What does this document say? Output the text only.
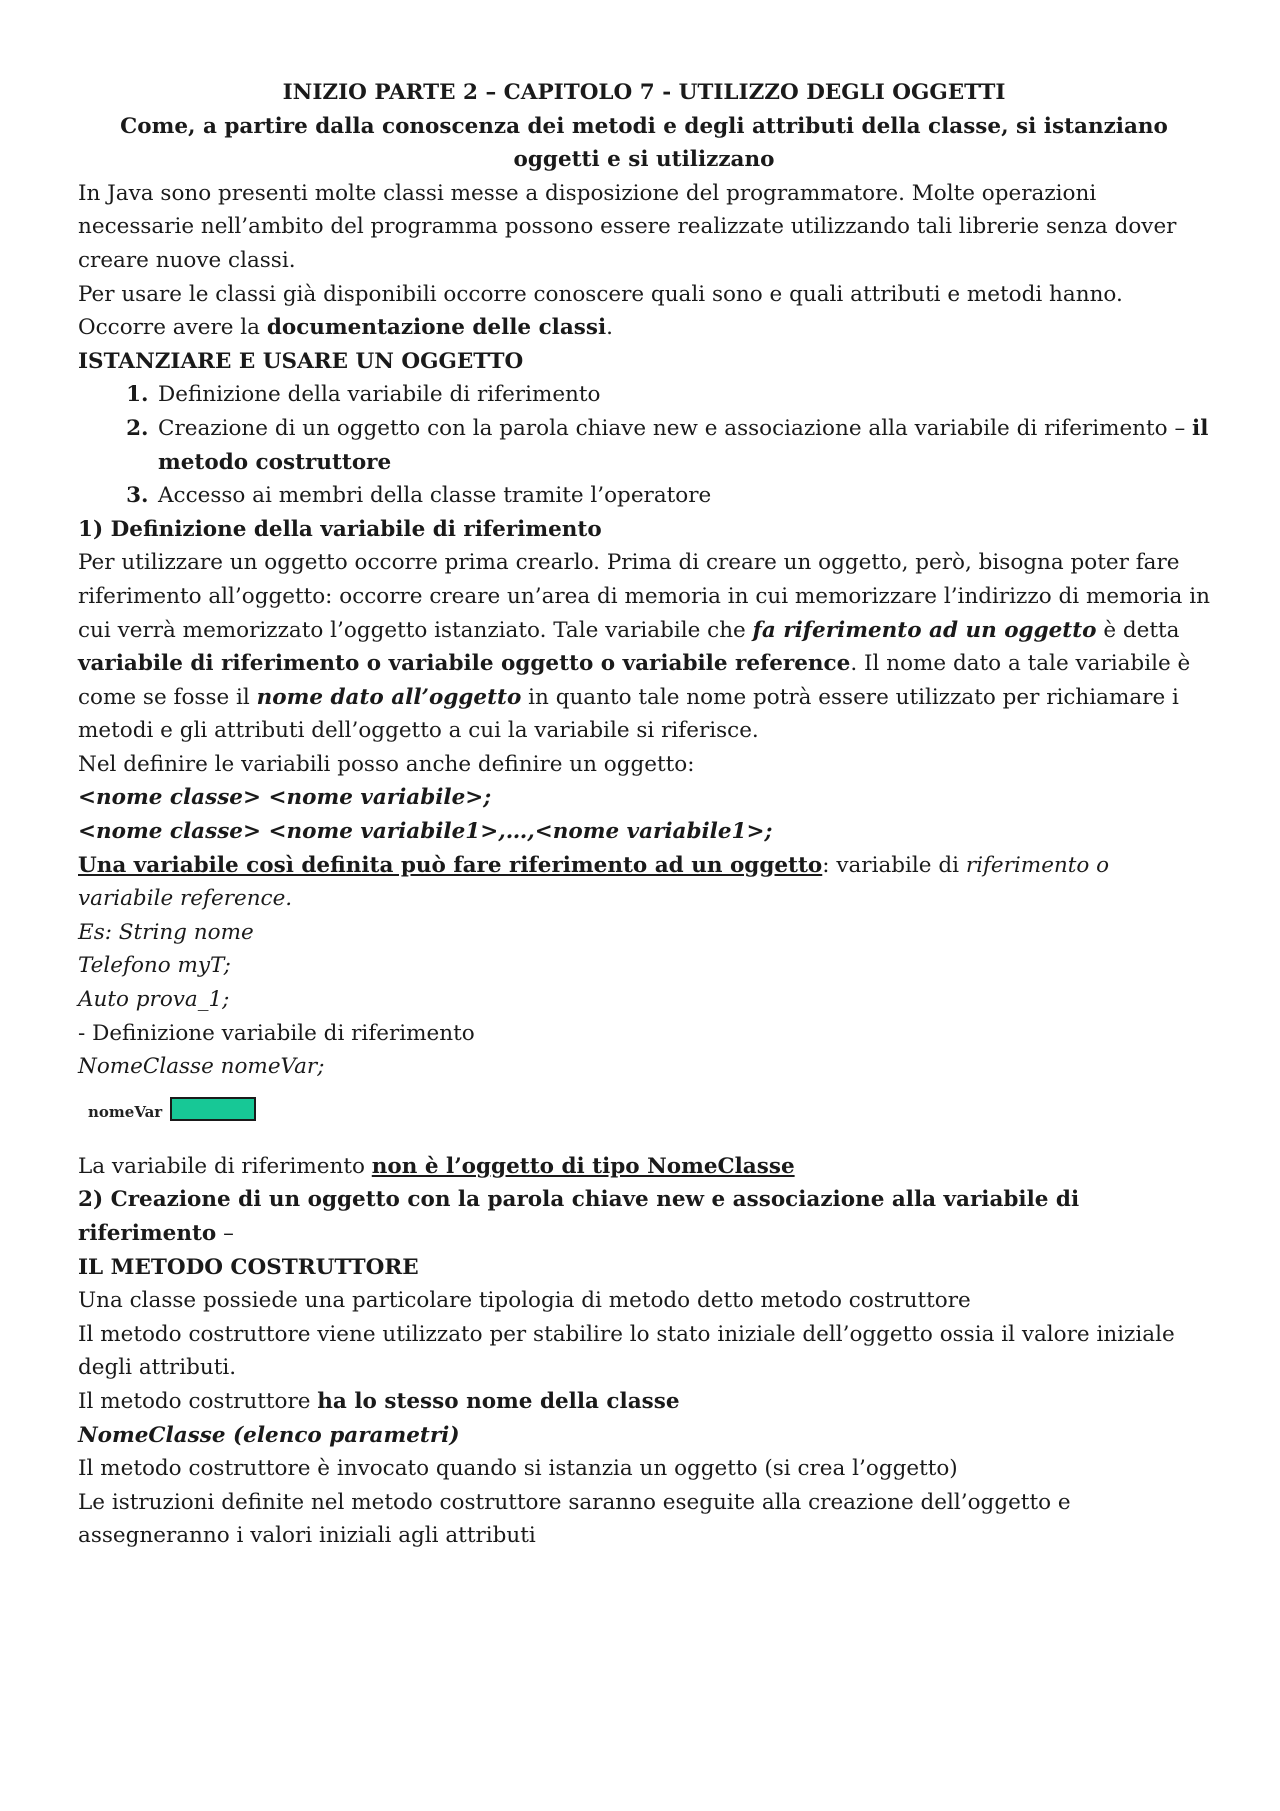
INIZIO PARTE 2 – CAPITOLO 7 - UTILIZZO DEGLI OGGETTI

Come, a partire dalla conoscenza dei metodi e degli attributi della classe, si istanziano
oggetti e si utilizzano

In Java sono presenti molte classi messe a disposizione del programmatore. Molte operazioni necessarie nell’ambito del programma possono essere realizzate utilizzando tali librerie senza dover creare nuove classi.

Per usare le classi già disponibili occorre conoscere quali sono e quali attributi e metodi hanno. Occorre avere la documentazione delle classi.

ISTANZIARE E USARE UN OGGETTO

1. Definizione della variabile di riferimento
2. Creazione di un oggetto con la parola chiave new e associazione alla variabile di riferimento – il metodo costruttore
3. Accesso ai membri della classe tramite l’operatore

1) Definizione della variabile di riferimento

Per utilizzare un oggetto occorre prima crearlo. Prima di creare un oggetto, però, bisogna poter fare riferimento all’oggetto: occorre creare un’area di memoria in cui memorizzare l’indirizzo di memoria in cui verrà memorizzato l’oggetto istanziato. Tale variabile che fa riferimento ad un oggetto è detta variabile di riferimento o variabile oggetto o variabile reference. Il nome dato a tale variabile è come se fosse il nome dato all’oggetto in quanto tale nome potrà essere utilizzato per richiamare i metodi e gli attributi dell’oggetto a cui la variabile si riferisce.

Nel definire le variabili posso anche definire un oggetto:

<nome classe> <nome variabile>;

<nome classe> <nome variabile1>,…,<nome variabile1>;

Una variabile così definita può fare riferimento ad un oggetto: variabile di riferimento o variabile reference.

Es: String nome

Telefono myT;

Auto prova_1;

- Definizione variabile di riferimento

NomeClasse nomeVar;

nomeVar

La variabile di riferimento non è l’oggetto di tipo NomeClasse

2) Creazione di un oggetto con la parola chiave new e associazione alla variabile di riferimento –

IL METODO COSTRUTTORE

Una classe possiede una particolare tipologia di metodo detto metodo costruttore

Il metodo costruttore viene utilizzato per stabilire lo stato iniziale dell’oggetto ossia il valore iniziale degli attributi.

Il metodo costruttore ha lo stesso nome della classe

NomeClasse (elenco parametri)

Il metodo costruttore è invocato quando si istanzia un oggetto (si crea l’oggetto)

Le istruzioni definite nel metodo costruttore saranno eseguite alla creazione dell’oggetto e assegneranno i valori iniziali agli attributi
